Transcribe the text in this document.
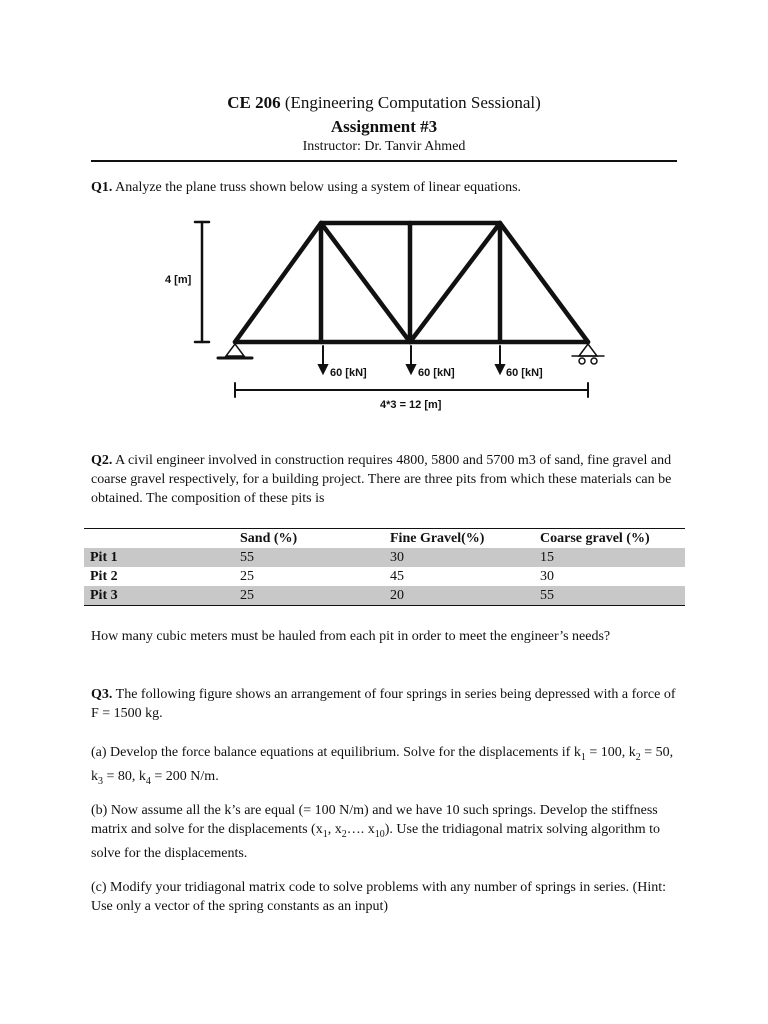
CE 206 (Engineering Computation Sessional)
Assignment #3
Instructor: Dr. Tanvir Ahmed
Q1. Analyze the plane truss shown below using a system of linear equations.
4 [m]
60 [kN]	60 [kN]	60 [kN]
4*3 = 12 [m]
Q2. A civil engineer involved in construction requires 4800, 5800 and 5700 m3 of sand, fine gravel and coarse gravel respectively, for a building project. There are three pits from which these materials can be obtained. The composition of these pits is
	Sand (%)	Fine Gravel(%)	Coarse gravel (%)
Pit 1	55	30	15
Pit 2	25	45	30
Pit 3	25	20	55
How many cubic meters must be hauled from each pit in order to meet the engineer’s needs?
Q3. The following figure shows an arrangement of four springs in series being depressed with a force of F = 1500 kg.
(a) Develop the force balance equations at equilibrium. Solve for the displacements if $k_1 = 100$, $k_2 = 50$, $k_3 = 80$, $k_4 = 200$ N/m.
(b) Now assume all the k’s are equal (= 100 N/m) and we have 10 such springs. Develop the stiffness matrix and solve for the displacements ($x_1$, $x_2\dots$. $x_{10}$). Use the tridiagonal matrix solving algorithm to solve for the displacements.
(c) Modify your tridiagonal matrix code to solve problems with any number of springs in series. (Hint: Use only a vector of the spring constants as an input)
